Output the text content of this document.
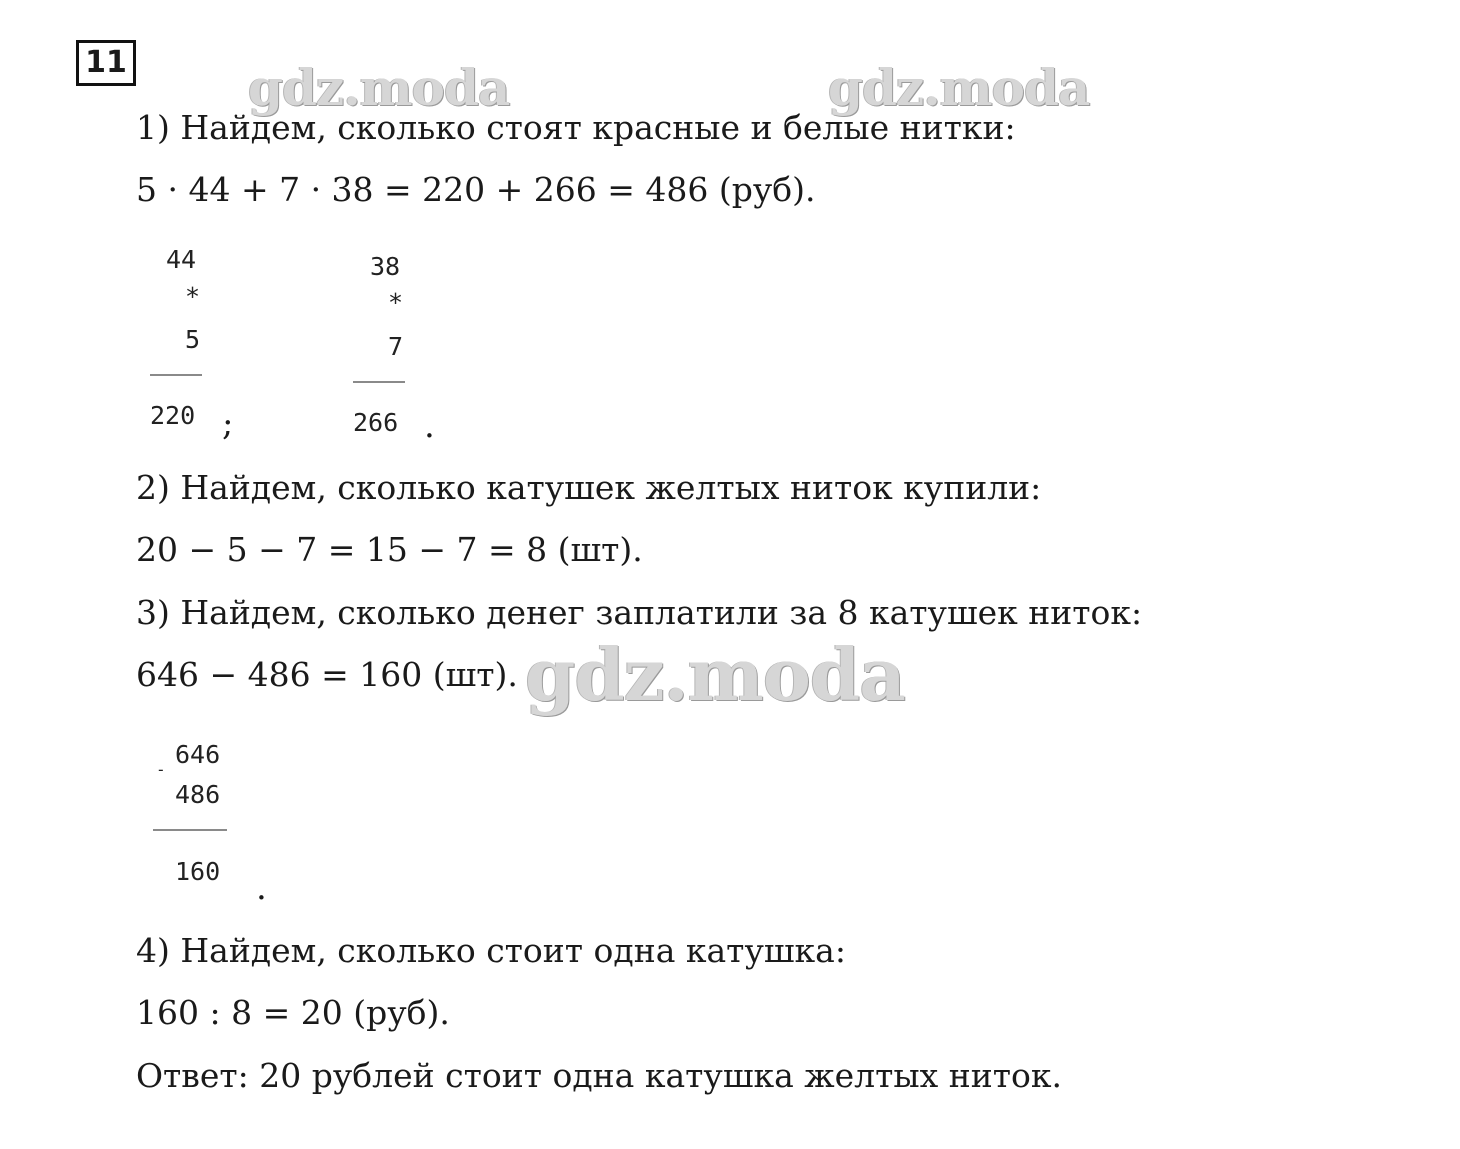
11 gdz.moda	gdz.moda
1) Найдем, сколько стоят красные и белые нитки:
5 · 44 + 7 · 38 = 220 + 266 = 486 (руб).
44
*
5
220 ;
38
*
7
266 .
2) Найдем, сколько катушек желтых ниток купили:
20 − 5 − 7 = 15 − 7 = 8 (шт).
3) Найдем, сколько денег заплатили за 8 катушек ниток:
646 − 486 = 160 (шт). gdz.moda
-
646
486
160 .
4) Найдем, сколько стоит одна катушка:
160 : 8 = 20 (руб).
Ответ: 20 рублей стоит одна катушка желтых ниток.
